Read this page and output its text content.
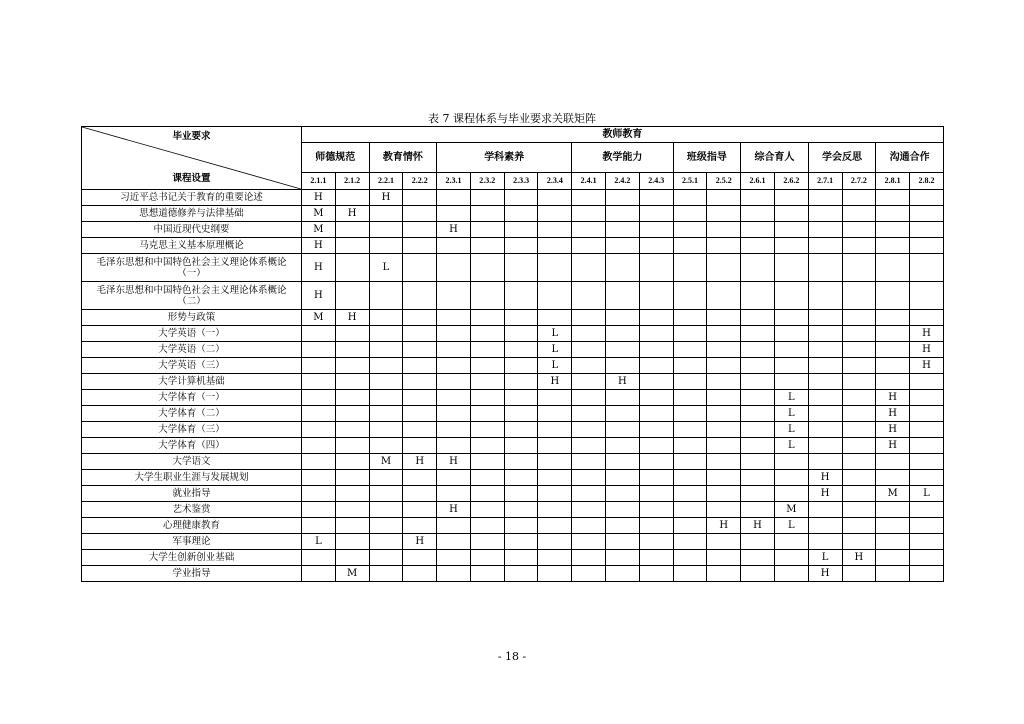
表 7 课程体系与毕业要求关联矩阵
毕业要求
课程设置	教师教育																		
	师德规范		教育情怀		学科素养				教学能力			班级指导		综合育人		学会反思		沟通合作	
	2.1.1	2.1.2	2.2.1	2.2.2	2.3.1	2.3.2	2.3.3	2.3.4	2.4.1	2.4.2	2.4.3	2.5.1	2.5.2	2.6.1	2.6.2	2.7.1	2.7.2	2.8.1	2.8.2
习近平总书记关于教育的重要论述	H		H																
思想道德修养与法律基础	M	H																	
中国近现代史纲要	M				H														
马克思主义基本原理概论	H																		
毛泽东思想和中国特色社会主义理论体系概论（一）	H		L																
毛泽东思想和中国特色社会主义理论体系概论（二）	H																		
形势与政策	M	H																	
大学英语（一）								L											H
大学英语（二）								L											H
大学英语（三）								L											H
大学计算机基础								H		H									
大学体育（一）															L			H	
大学体育（二）															L			H	
大学体育（三）															L			H	
大学体育（四）															L			H	
大学语文			M	H	H														
大学生职业生涯与发展规划																H			
就业指导																H		M	L
艺术鉴赏					H										M				
心理健康教育													H	H	L				
军事理论	L			H															
大学生创新创业基础																L	H		
学业指导		M														H			
- 18 -
